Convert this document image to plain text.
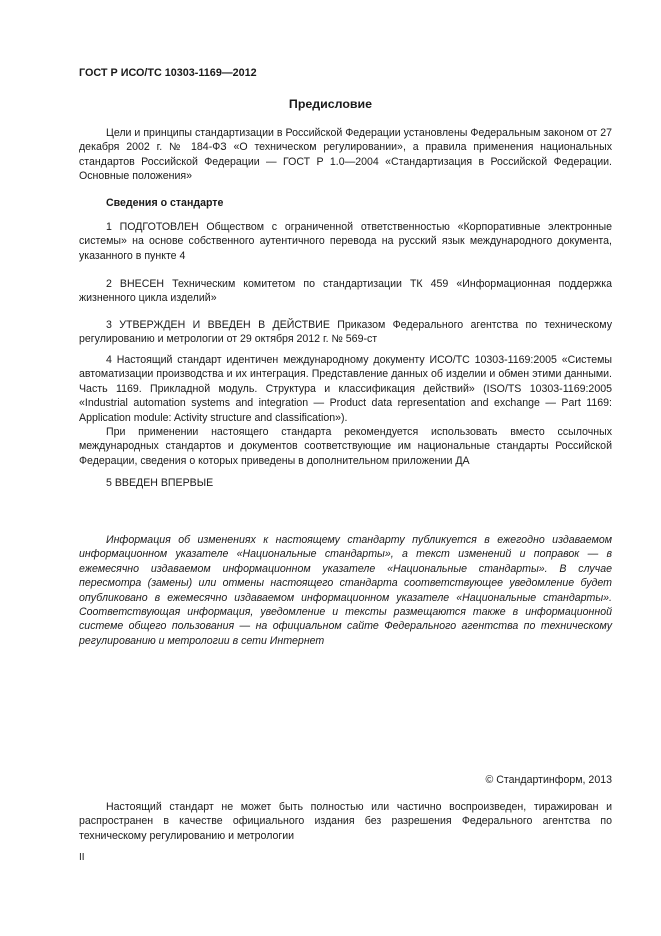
ГОСТ Р ИСО/ТС 10303-1169—2012
Предисловие

Цели и принципы стандартизации в Российской Федерации установлены Федеральным законом от 27 декабря 2002 г. № 184-ФЗ «О техническом регулировании», а правила применения национальных стандартов Российской Федерации — ГОСТ Р 1.0—2004 «Стандартизация в Российской Федерации. Основные положения»

Сведения о стандарте

1 ПОДГОТОВЛЕН Обществом с ограниченной ответственностью «Корпоративные электронные системы» на основе собственного аутентичного перевода на русский язык международного документа, указанного в пункте 4

2 ВНЕСЕН Техническим комитетом по стандартизации ТК 459 «Информационная поддержка жизненного цикла изделий»

3 УТВЕРЖДЕН И ВВЕДЕН В ДЕЙСТВИЕ Приказом Федерального агентства по техническому регулированию и метрологии от 29 октября 2012 г. № 569-ст

4 Настоящий стандарт идентичен международному документу ИСО/ТС 10303-1169:2005 «Системы автоматизации производства и их интеграция. Представление данных об изделии и обмен этими данными. Часть 1169. Прикладной модуль. Структура и классификация действий» (ISO/TS 10303-1169:2005 «Industrial automation systems and integration — Product data representation and exchange — Part 1169: Application module: Activity structure and classification»).

При применении настоящего стандарта рекомендуется использовать вместо ссылочных международных стандартов и документов соответствующие им национальные стандарты Российской Федерации, сведения о которых приведены в дополнительном приложении ДА

5 ВВЕДЕН ВПЕРВЫЕ

Информация об изменениях к настоящему стандарту публикуется в ежегодно издаваемом информационном указателе «Национальные стандарты», а текст изменений и поправок — в ежемесячно издаваемом информационном указателе «Национальные стандарты». В случае пересмотра (замены) или отмены настоящего стандарта соответствующее уведомление будет опубликовано в ежемесячно издаваемом информационном указателе «Национальные стандарты». Соответствующая информация, уведомление и тексты размещаются также в информационной системе общего пользования — на официальном сайте Федерального агентства по техническому регулированию и метрологии в сети Интернет

© Стандартинформ, 2013

Настоящий стандарт не может быть полностью или частично воспроизведен, тиражирован и распространен в качестве официального издания без разрешения Федерального агентства по техническому регулированию и метрологии

II
